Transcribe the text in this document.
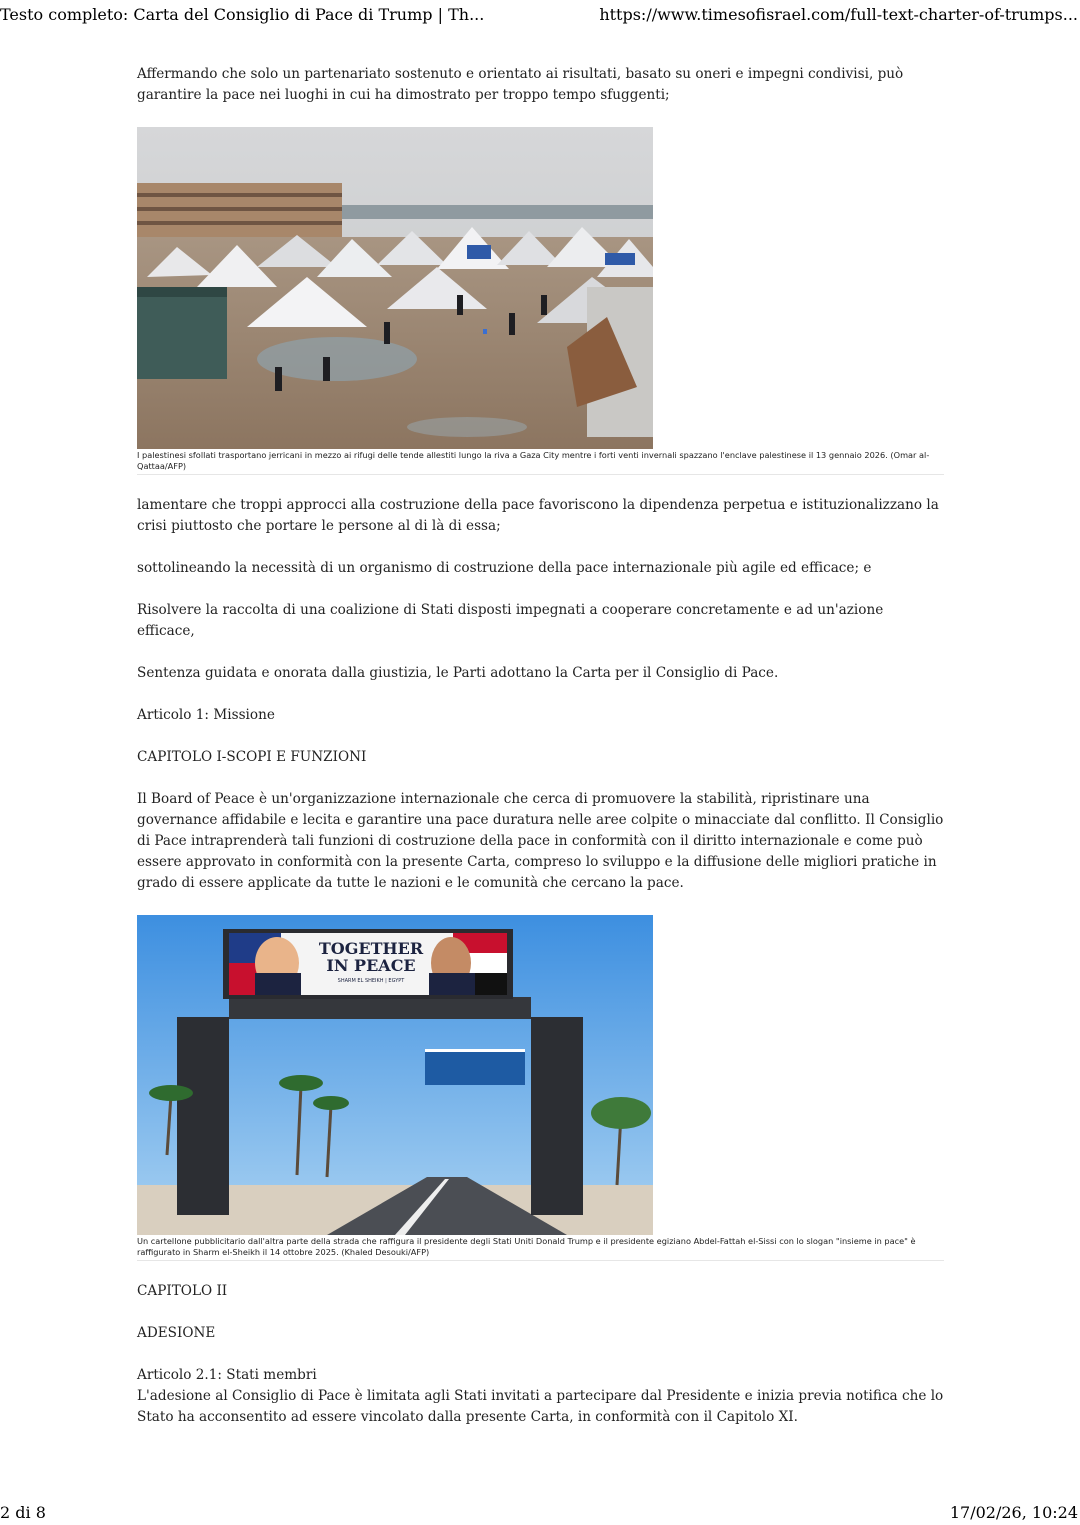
Testo completo: Carta del Consiglio di Pace di Trump | Th...	https://www.timesofisrael.com/full-text-charter-of-trumps...

Affermando che solo un partenariato sostenuto e orientato ai risultati, basato su oneri e impegni condivisi, può garantire la pace nei luoghi in cui ha dimostrato per troppo tempo sfuggenti;

I palestinesi sfollati trasportano jerricani in mezzo ai rifugi delle tende allestiti lungo la riva a Gaza City mentre i forti venti invernali spazzano l'enclave palestinese il 13 gennaio 2026. (Omar al-Qattaa/AFP)

lamentare che troppi approcci alla costruzione della pace favoriscono la dipendenza perpetua e istituzionalizzano la crisi piuttosto che portare le persone al di là di essa;

sottolineando la necessità di un organismo di costruzione della pace internazionale più agile ed efficace; e

Risolvere la raccolta di una coalizione di Stati disposti impegnati a cooperare concretamente e ad un'azione efficace,

Sentenza guidata e onorata dalla giustizia, le Parti adottano la Carta per il Consiglio di Pace.

Articolo 1: Missione

CAPITOLO I-SCOPI E FUNZIONI

Il Board of Peace è un'organizzazione internazionale che cerca di promuovere la stabilità, ripristinare una governance affidabile e lecita e garantire una pace duratura nelle aree colpite o minacciate dal conflitto. Il Consiglio di Pace intraprenderà tali funzioni di costruzione della pace in conformità con il diritto internazionale e come può essere approvato in conformità con la presente Carta, compreso lo sviluppo e la diffusione delle migliori pratiche in grado di essere applicate da tutte le nazioni e le comunità che cercano la pace.

TOGETHER
IN PEACE
SHARM EL SHEIKH | EGYPT
Un cartellone pubblicitario dall'altra parte della strada che raffigura il presidente degli Stati Uniti Donald Trump e il presidente egiziano Abdel-Fattah el-Sissi con lo slogan "insieme in pace" è raffigurato in Sharm el-Sheikh il 14 ottobre 2025. (Khaled Desouki/AFP)

CAPITOLO II

ADESIONE

Articolo 2.1: Stati membri

L'adesione al Consiglio di Pace è limitata agli Stati invitati a partecipare dal Presidente e inizia previa notifica che lo Stato ha acconsentito ad essere vincolato dalla presente Carta, in conformità con il Capitolo XI.

2 di 8	17/02/26, 10:24
